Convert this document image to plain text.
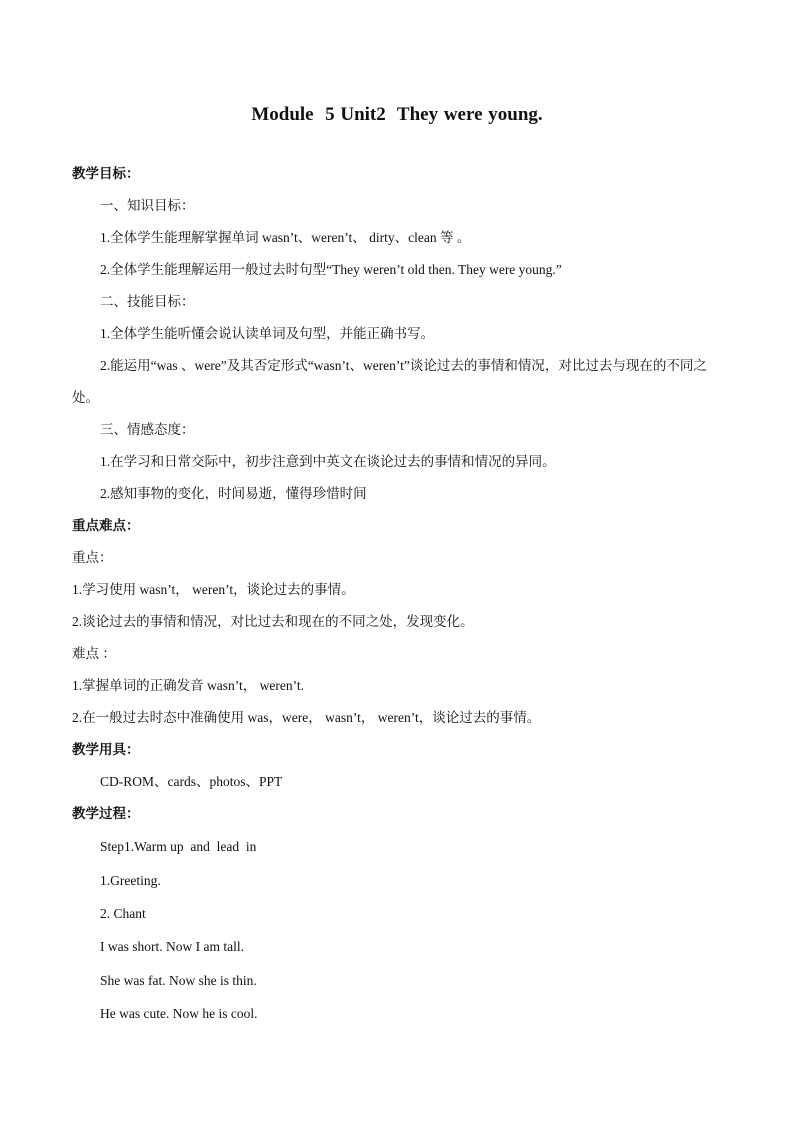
Module  5 Unit2  They were young.
教学目标：
一、知识目标：
1.全体学生能理解掌握单词 wasn’t、weren’t、 dirty、clean 等 。
2.全体学生能理解运用一般过去时句型“They weren’t old then. They were young.”
二、技能目标：
1.全体学生能听懂会说认读单词及句型，并能正确书写。
2.能运用“was 、were”及其否定形式“wasn’t、weren’t”谈论过去的事情和情况，对比过去与现在的不同之处。
三、情感态度：
1.在学习和日常交际中，初步注意到中英文在谈论过去的事情和情况的异同。
2.感知事物的变化，时间易逝，懂得珍惜时间
重点难点：
重点：
1.学习使用 wasn’t， weren’t，谈论过去的事情。
2.谈论过去的事情和情况，对比过去和现在的不同之处，发现变化。
难点 ：
1.掌握单词的正确发音 wasn’t， weren’t.
2.在一般过去时态中准确使用 was，were， wasn’t， weren’t，谈论过去的事情。
教学用具：
CD-ROM、cards、photos、PPT
教学过程：
Step1.Warm up  and  lead  in
1.Greeting.
2. Chant
I was short. Now I am tall.
She was fat. Now she is thin.
He was cute. Now he is cool.
